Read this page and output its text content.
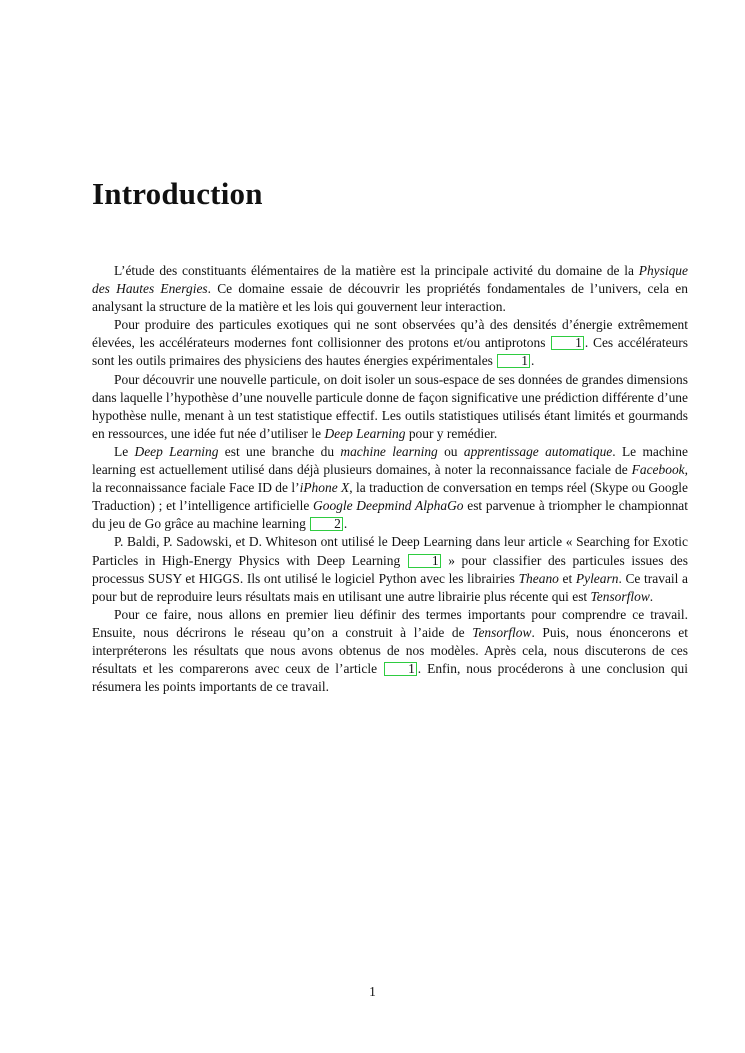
Introduction

L’étude des constituants élémentaires de la matière est la principale activité du domaine de la Physique des Hautes Energies. Ce domaine essaie de découvrir les propriétés fondamentales de l’univers, cela en analysant la structure de la matière et les lois qui gouvernent leur interaction.

Pour produire des particules exotiques qui ne sont observées qu’à des densités d’énergie extrêmement élevées, les accélérateurs modernes font collisionner des protons et/ou antiprotons 1 . Ces accélérateurs sont les outils primaires des physiciens des hautes énergies expérimentales 1 .

Pour découvrir une nouvelle particule, on doit isoler un sous-espace de ses données de grandes dimensions dans laquelle l’hypothèse d’une nouvelle particule donne de façon significative une prédiction différente d’une hypothèse nulle, menant à un test statistique effectif. Les outils statistiques utilisés étant limités et gourmands en ressources, une idée fut née d’utiliser le Deep Learning pour y remédier.

Le Deep Learning est une branche du machine learning ou apprentissage automatique. Le machine learning est actuellement utilisé dans déjà plusieurs domaines, à noter la reconnaissance faciale de Facebook, la reconnaissance faciale Face ID de l’iPhone X, la traduction de conversation en temps réel (Skype ou Google Traduction) ; et l’intelligence artificielle Google Deepmind AlphaGo est parvenue à triompher le championnat du jeu de Go grâce au machine learning 2 .

P. Baldi, P. Sadowski, et D. Whiteson ont utilisé le Deep Learning dans leur article « Searching for Exotic Particles in High-Energy Physics with Deep Learning 1 » pour classifier des particules issues des processus SUSY et HIGGS. Ils ont utilisé le logiciel Python avec les librairies Theano et Pylearn. Ce travail a pour but de reproduire leurs résultats mais en utilisant une autre librairie plus récente qui est Tensorflow.

Pour ce faire, nous allons en premier lieu définir des termes importants pour comprendre ce travail. Ensuite, nous décrirons le réseau qu’on a construit à l’aide de Tensorflow. Puis, nous énoncerons et interpréterons les résultats que nous avons obtenus de nos modèles. Après cela, nous discuterons de ces résultats et les comparerons avec ceux de l’article 1 . Enfin, nous procéderons à une conclusion qui résumera les points importants de ce travail.

1
